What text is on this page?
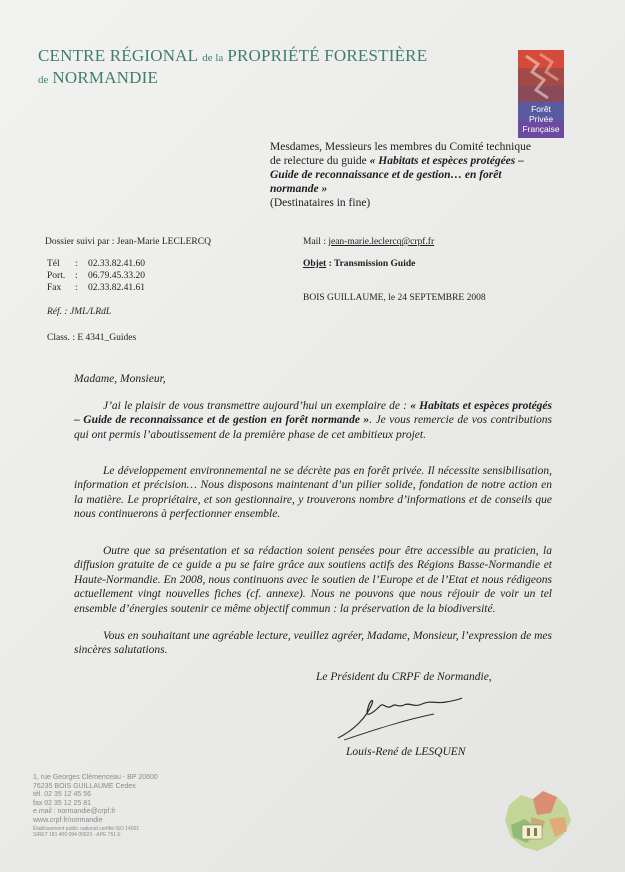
CENTRE RÉGIONAL de la PROPRIÉTÉ FORESTIÈRE
de NORMANDIE
Forêt
Privée
Française
Mesdames, Messieurs les membres du Comité technique
de relecture du guide « Habitats et espèces protégées –
Guide de reconnaissance et de gestion… en forêt
normande »
(Destinataires in fine)
Dossier suivi par : Jean-Marie LECLERCQ
Tél	:	02.33.82.41.60
Port.	:	06.79.45.33.20
Fax	:	02.33.82.41.61
Réf. : JML/LRdL
Class. : E 4341_Guides
Mail : jean-marie.leclercq@crpf.fr
Objet : Transmission Guide
BOIS GUILLAUME, le 24 SEPTEMBRE 2008
Madame, Monsieur,

J’ai le plaisir de vous transmettre aujourd’hui un exemplaire de : « Habitats et espèces protégés – Guide de reconnaissance et de gestion en forêt normande ». Je vous remercie de vos contributions qui ont permis l’aboutissement de la première phase de cet ambitieux projet.

Le développement environnemental ne se décrète pas en forêt privée. Il nécessite sensibilisation, information et précision… Nous disposons maintenant d’un pilier solide, fondation de notre action en la matière. Le propriétaire, et son gestionnaire, y trouverons nombre d’informations et de conseils que nous continuerons à perfectionner ensemble.

Outre que sa présentation et sa rédaction soient pensées pour être accessible au praticien, la diffusion gratuite de ce guide a pu se faire grâce aux soutiens actifs des Régions Basse-Normandie et Haute-Normandie. En 2008, nous continuons avec le soutien de l’Europe et de l’Etat et nous rédigeons actuellement vingt nouvelles fiches (cf. annexe). Nous ne pouvons que nous réjouir de voir un tel ensemble d’énergies soutenir ce même objectif commun : la préservation de la biodiversité.

Vous en souhaitant une agréable lecture, veuillez agréer, Madame, Monsieur, l’expression de mes sincères salutations.

Le Président du CRPF de Normandie,
Louis-René de LESQUEN
1, rue Georges Clémenceau - BP 20600
76235 BOIS GUILLAUME Cedex
tél. 02 35 12 45 56
fax 02 35 12 25 81
e.mail : normandie@crpf.fr
www.crpf.fr/normandie
Établissement public national certifié ISO 14001
SIRET 181 400 094 00023 - APE 751 E
